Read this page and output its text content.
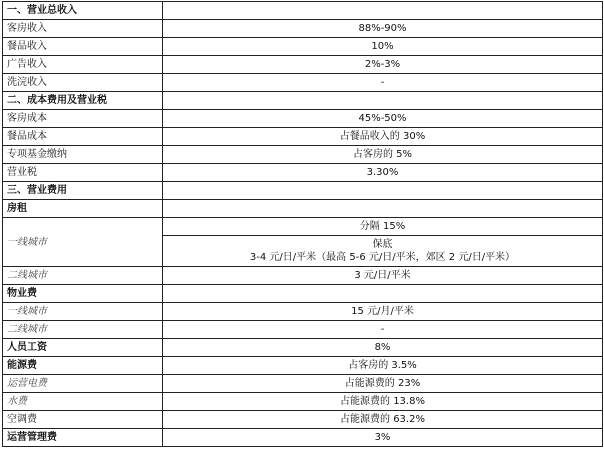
一、营业总收入	
客房收入	88%-90%
餐品收入	10%
广告收入	2%-3%
洗浣收入	-
二、成本费用及营业税	
客房成本	45%-50%
餐品成本	占餐品收入的 30%
专项基金缴纳	占客房的 5%
营业税	3.30%
三、营业费用	
房租	
一线城市	分隔 15%

	保底
3-4 元/日/平米（最高 5-6 元/日/平米，郊区 2 元/日/平米）

二线城市	3 元/日/平米
物业费	
一线城市	15 元/月/平米
二线城市	-
人员工资	8%
能源费	占客房的 3.5%
运营电费	占能源费的 23%
水费	占能源费的 13.8%
空调费	占能源费的 63.2%
运营管理费	3%
